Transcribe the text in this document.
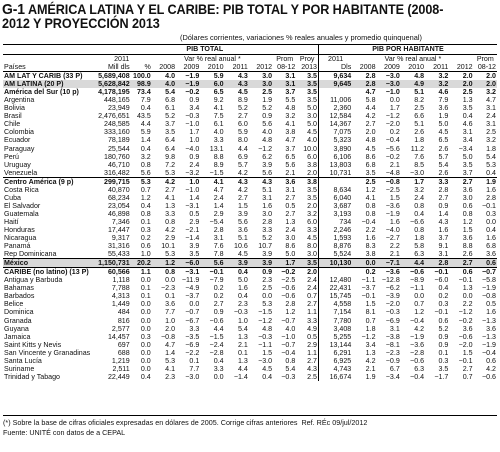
G-1 AMÉRICA LATINA Y EL CARIBE: PIB TOTAL Y POR HABITANTE (2008-2012 Y PROYECCIÓN 2013
(Dólares corrientes, variaciones % reales anuales y promedio quinquenal)
	PIB TOTAL									PIB POR HABITANTE						
	2011		Var % real anual *					Prom	Proy	2011	Var % real anual *					Prom
Países	Mill dls	%	2008	2009	2010	2011	2012	08-12	2013	Dls	2008	2009	2010	2011	2012	08-12
AM LAT Y CARIB (33 P)	5,689,408	100.0	4.0	−1.9	5.9	4.3	3.0	3.1	3.5	9,634	2.8	−3.0	4.8	3.2	2.0	2.0
AM LATINA (20 P)	5,628,842	98.9	4.0	−1.9	6.0	4.3	3.0	3.1	3.5	9,645	2.8	−3.0	4.9	3.2	2.0	2.0
América del Sur (10 p)	4,178,195	73.4	5.4	−0.2	6.5	4.5	2.5	3.7	3.5		4.7	−1.0	5.1	4.6	2.5	3.2
Argentina	448,165	7.9	6.8	0.9	9.2	8.9	1.9	5.5	3.5	11,006	5.8	0.0	8.2	7.9	1.3	4.7
Bolivia	23,949	0.4	6.1	3.4	4.1	5.2	5.2	4.8	5.0	2,360	4.4	1.7	2.5	3.6	3.5	3.1
Brasil	2,476,651	43.5	5.2	−0.3	7.5	2.7	0.9	3.2	3.0	12,584	4.2	−1.2	6.6	1.9	0.4	2.4
Chile	248,585	4.4	3.7	−1.0	6.1	6.0	5.6	4.1	5.0	14,367	2.7	−2.0	5.1	5.0	4.6	3.1
Colombia	333,160	5.9	3.5	1.7	4.0	5.9	4.0	3.8	4.5	7,075	2.0	0.2	2.6	4.5	3.1	2.5
Ecuador	78,189	1.4	6.4	1.0	3.3	8.0	4.8	4.7	4.0	5,323	4.8	−0.4	1.8	6.5	3.4	3.2
Paraguay	25,544	0.4	6.4	−4.0	13.1	4.4	−1.2	3.7	10.0	3,890	4.5	−5.6	11.2	2.6	−3.4	1.8
Perú	180,760	3.2	9.8	0.9	8.8	6.9	6.2	6.5	6.0	6,106	8.6	−0.2	7.6	5.7	5.0	5.4
Uruguay	46,710	0.8	7.2	2.4	8.9	5.7	3.9	5.6	3.8	13,803	6.8	2.1	8.5	5.4	3.5	5.3
Venezuela	316,482	5.6	5.3	−3.2	−1.5	4.2	5.6	2.1	2.0	10,731	3.5	−4.8	−3.0	2.6	3.7	0.4
Centro América (9 p)	299,715	5.3	4.2	1.0	4.1	4.3	4.3	3.6	3.8		2.5	−0.8	1.7	3.3	2.7	1.9
Costa Rica	40,870	0.7	2.7	−1.0	4.7	4.2	5.1	3.1	3.5	8,634	1.2	−2.5	3.2	2.8	3.6	1.6
Cuba	68,234	1.2	4.1	1.4	2.4	2.7	3.1	2.7	3.5	6,040	4.1	1.5	2.4	2.7	3.0	2.8
El Salvador	23,054	0.4	1.3	−3.1	1.4	1.5	1.6	0.5	2.0	3,687	0.8	−3.6	0.8	0.9	0.6	−0.1
Guatemala	46,898	0.8	3.3	0.5	2.9	3.9	3.0	2.7	3.2	3,193	0.8	−1.9	0.4	1.4	0.8	0.3
Haití	7,346	0.1	0.8	2.9	−5.4	5.6	2.8	1.3	6.0	734	−0.4	1.6	−6.6	4.3	1.2	0.0
Honduras	17,447	0.3	4.2	−2.1	2.8	3.6	3.3	2.4	3.3	2,246	2.2	−4.0	0.8	1.6	1.5	0.4
Nicaragua	9,317	0.2	2.9	−1.4	3.1	5.1	5.2	3.0	4.5	1,593	1.6	−2.7	1.8	3.7	3.6	1.6
Panamá	31,316	0.6	10.1	3.9	7.6	10.6	10.7	8.6	8.0	8,876	8.3	2.2	5.8	9.1	8.8	6.8
Rep Dominicana	55,433	1.0	5.3	3.5	7.8	4.5	3.9	5.0	3.0	5,524	3.8	2.1	6.3	3.1	2.6	3.6
México	1,150,731	20.2	1.2	−6.0	5.6	3.9	3.9	1.7	3.5	10,130	0.0	−7.1	4.4	2.8	2.7	0.6
CARIBE (no latino) (13 P)	60,566	1.1	0.8	−3.1	−0.1	0.4	0.9	−0.2	2.0		0.2	−3.6	−0.6	−0.1	0.6	−0.7
Antigua y Barbuda	1,118	0.0	0.0	−11.9	−7.9	5.0	2.3	−2.5	2.4	12,480	−1.1	−12.8	−8.9	−6.0	−0.1	−5.8
Bahamas	7,788	0.1	−2.3	−4.9	0.2	1.6	2.5	−0.6	2.4	22,431	−3.7	−6.2	−1.1	0.4	1.3	−1.9
Barbados	4,313	0.1	0.1	−3.7	0.2	0.4	0.0	−0.6	0.7	15,745	−0.1	−3.9	0.0	0.2	0.0	−0.8
Belice	1,449	0.0	3.6	0.0	2.7	2.3	5.3	2.8	2.7	4,558	1.5	−2.0	0.7	0.3	2.2	0.5
Dominica	484	0.0	7.7	−0.7	0.9	−0.3	−1.5	1.2	1.1	7,154	8.1	−0.3	1.2	−0.1	−1.2	1.6
Granada	816	0.0	1.0	−6.7	−0.6	1.0	−1.2	−0.7	3.3	7,780	0.7	−6.9	−0.4	0.6	−0.2	−1.3
Guyana	2,577	0.0	2.0	3.3	4.4	5.4	4.8	4.0	4.9	3,408	1.8	3.1	4.2	5.2	3.6	3.6
Jamaica	14,457	0.3	−0.8	−3.5	−1.5	1.3	−0.3	−1.0	0.5	5,255	−1.2	−3.8	−1.9	0.9	−0.6	−1.3
Saint Kitts y Nevis	697	0.0	4.7	−6.9	−2.4	2.1	−1.1	−0.7	2.9	13,144	3.4	−8.1	−3.6	0.9	−2.0	−1.9
San Vincente y Granadinas	688	0.0	1.4	−2.2	−2.8	0.1	1.5	−0.4	1.1	6,291	1.3	−2.3	−2.8	0.1	1.5	−0.4
Santa Lucía	1,219	0.0	5.3	0.1	0.4	1.3	−3.0	0.8	2.7	6,925	4.2	−0.9	−0.6	0.3	−0.1	0.6
Suriname	2,511	0.0	4.1	7.7	3.3	4.4	4.5	5.4	4.3	4,743	2.1	6.7	6.3	3.5	2.7	4.2
Trinidad y Tabago	22,449	0.4	2.3	−3.0	0.0	−1.4	0.4	−0.3	2.5	16,674	1.9	−3.4	−0.4	−1.7	0.7	−0.6
(*) Sobre la base de cifras oficiales expresadas en dólares de 2005. Corrige cifras anteriores Ref. RÉc 09/jul/2012
Fuente: UNITÉ con datos de a CEPAL
